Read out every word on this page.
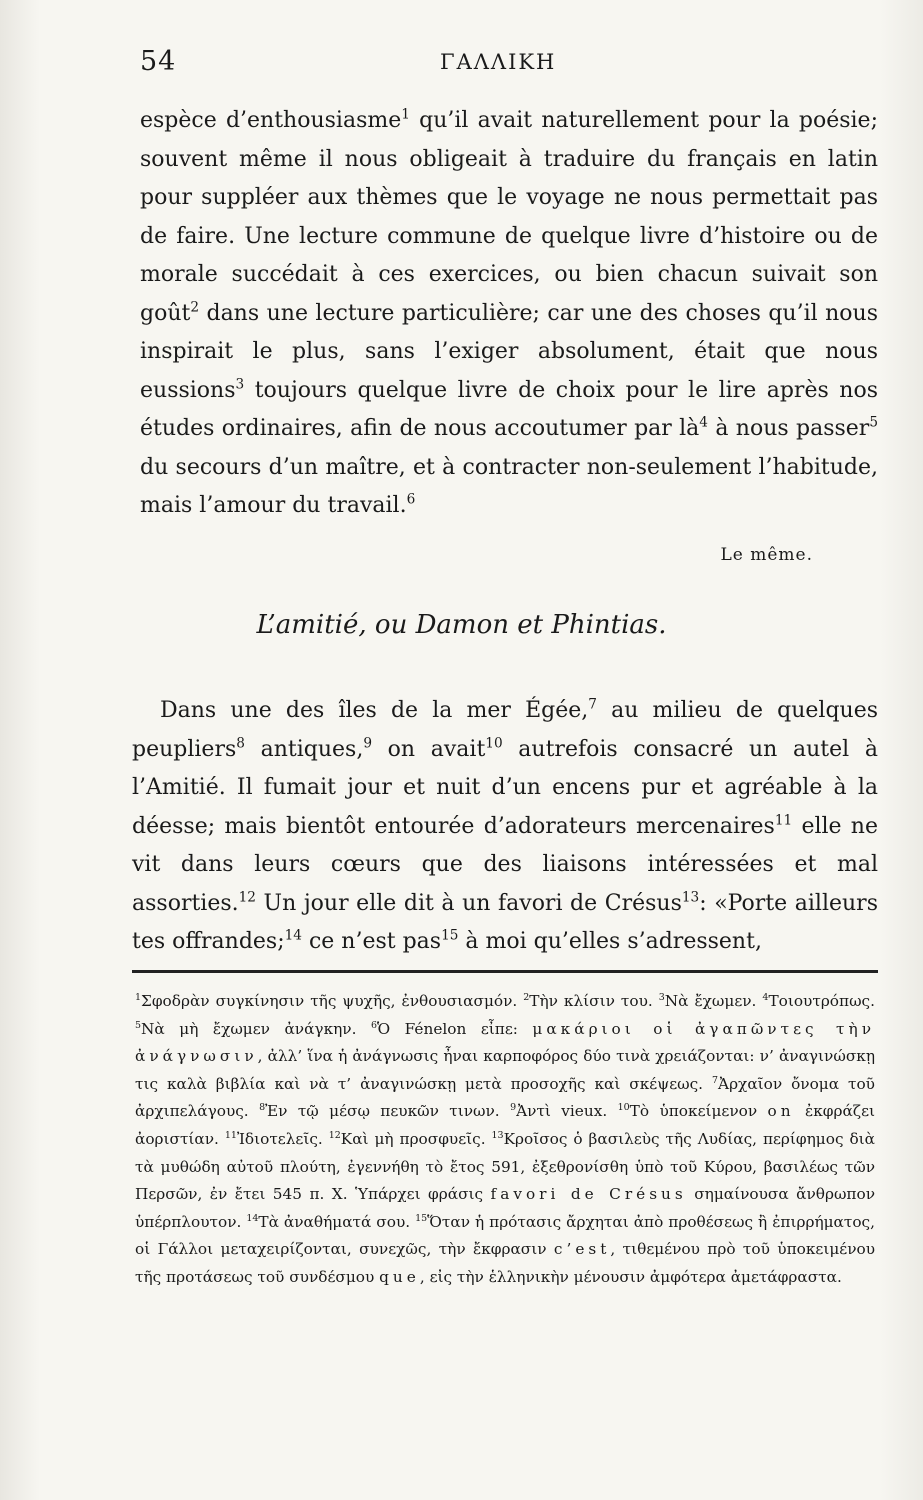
54	ΓΑΛΛΙΚΗ

espèce d’enthousiasme$^1$ qu’il avait naturellement pour la poésie; souvent même il nous obligeait à traduire du français en latin pour suppléer aux thèmes que le voyage ne nous permettait pas de faire. Une lecture commune de quelque livre d’histoire ou de morale succédait à ces exercices, ou bien chacun suivait son goût$^2$ dans une lecture particulière; car une des choses qu’il nous inspirait le plus, sans l’exiger absolument, était que nous eussions$^3$ toujours quelque livre de choix pour le lire après nos études ordinaires, afin de nous accoutumer par $là^4$ à nous passer$^5$ du secours d’un maître, et à contracter non-seulement l’habitude, mais l’amour du travail.$^6$

Le même.
L’amitié, ou Damon et Phintias.

Dans une des îles de la mer Égée,$^7$ au milieu de quelques peupliers$^8$ antiques,$^9$ on avait$^{10}$ autrefois consacré un autel à l’Amitié. Il fumait jour et nuit d’un encens pur et agréable à la déesse; mais bientôt entourée d’adorateurs mercenaires$^{11}$ elle ne vit dans leurs cœurs que des liaisons intéressées et mal assorties.$^{12}$ Un jour elle dit à un favori de Crésus$^{13}$: «Porte ailleurs tes offrandes;$^{14}$ ce n’est pas$^{15}$ à moi qu’elles s’adressent,

$^1$Σφοδρὰν συγκίνησιν τῆς ψυχῆς, ἐνθουσιασμόν. $^2$Τὴν κλίσιν του. $^3$Νὰ ἔχωμεν. $^4$Τοιουτρόπως. $^5$Νὰ μὴ ἔχωμεν ἀνάγκην. $^6$Ὁ Fénelon εἶπε: μακάριοι οἱ ἀγαπῶντες τὴν ἀνάγνωσιν, ἀλλ’ ἵνα ἡ ἀνάγνωσις ἦναι καρποφόρος δύο τινὰ χρειάζονται: ν’ ἀναγινώσκῃ τις καλὰ βιβλία καὶ νὰ τ’ ἀναγινώσκῃ μετὰ προσοχῆς καὶ σκέψεως. $^7$Ἀρχαῖον ὄνομα τοῦ ἀρχιπελάγους. $^8$Ἐν τῷ μέσῳ πευκῶν τινων. $^9$Ἀντὶ vieux. $^{10}$Τὸ ὑποκείμενον on ἐκφράζει ἀοριστίαν. $^{11}$Ἰδιοτελεῖς. $^{12}$Καὶ μὴ προσφυεῖς. $^{13}$Κροῖσος ὁ βασιλεὺς τῆς Λυδίας, περίφημος διὰ τὰ μυθώδη αὐτοῦ πλούτη, ἐγεννήθη τὸ ἔτος 591, ἐξεθρονίσθη ὑπὸ τοῦ Κύρου, βασιλέως τῶν Περσῶν, ἐν ἔτει 545 π. Χ. Ὑπάρχει φράσις favori de Crésus σημαίνουσα ἄνθρωπον ὑπέρπλουτον. $^{14}$Τὰ ἀναθήματά σου. $^{15}$Ὅταν ἡ πρότασις ἄρχηται ἀπὸ προθέσεως ἢ ἐπιρρήματος, οἱ Γάλλοι μεταχειρίζονται, συνεχῶς, τὴν ἔκφρασιν c’est, τιθεμένου πρὸ τοῦ ὑποκειμένου τῆς προτάσεως τοῦ συνδέσμου que, εἰς τὴν ἑλληνικὴν μένουσιν ἀμφότερα ἀμετάφραστα.
